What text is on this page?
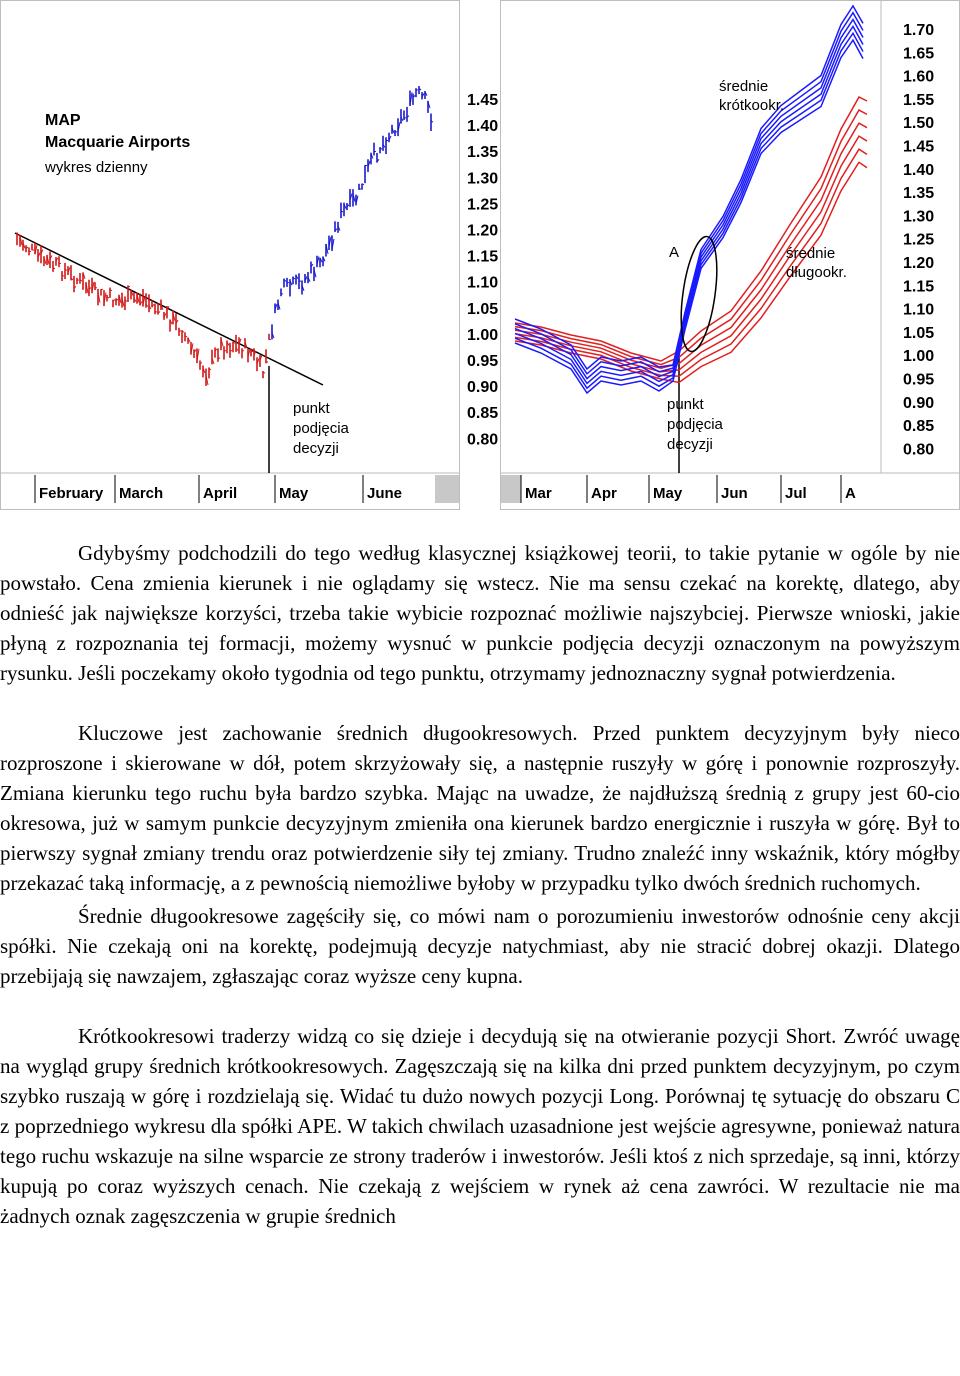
MAP
Macquarie Airports
wykres dzienny
punkt
podjęcia
decyzji
1.45
1.40
1.35
1.30
1.25
1.20
1.15
1.10
1.05
1.00
0.95
0.90
0.85
0.80
February March	April	May	June
A
średnie
krótkookr.
średnie
długookr.
punkt
podjęcia
decyzji
1.70
1.65
1.60
1.55
1.50
1.45
1.40
1.35
1.30
1.25
1.20
1.15
1.10
1.05
1.00
0.95
0.90
0.85
0.80
Mar	Apr May	Jun Jul	A

Gdybyśmy podchodzili do tego według klasycznej książkowej teorii, to takie pytanie w ogóle by nie powstało. Cena zmienia kierunek i nie oglądamy się wstecz. Nie ma sensu czekać na korektę, dlatego, aby odnieść jak największe korzyści, trzeba takie wybicie rozpoznać możliwie najszybciej. Pierwsze wnioski, jakie płyną z rozpoznania tej formacji, możemy wysnuć w punkcie podjęcia decyzji oznaczonym na powyższym rysunku. Jeśli poczekamy około tygodnia od tego punktu, otrzymamy jednoznaczny sygnał potwierdzenia.

Kluczowe jest zachowanie średnich długookresowych. Przed punktem decyzyjnym były nieco rozproszone i skierowane w dół, potem skrzyżowały się, a następnie ruszyły w górę i ponownie rozproszyły. Zmiana kierunku tego ruchu była bardzo szybka. Mając na uwadze, że najdłuższą średnią z grupy jest 60-cio okresowa, już w samym punkcie decyzyjnym zmieniła ona kierunek bardzo energicznie i ruszyła w górę. Był to pierwszy sygnał zmiany trendu oraz potwierdzenie siły tej zmiany. Trudno znaleźć inny wskaźnik, który mógłby przekazać taką informację, a z pewnością niemożliwe byłoby w przypadku tylko dwóch średnich ruchomych.

Średnie długookresowe zagęściły się, co mówi nam o porozumieniu inwestorów odnośnie ceny akcji spółki. Nie czekają oni na korektę, podejmują decyzje natychmiast, aby nie stracić dobrej okazji. Dlatego przebijają się nawzajem, zgłaszając coraz wyższe ceny kupna.

Krótkookresowi traderzy widzą co się dzieje i decydują się na otwieranie pozycji Short. Zwróć uwagę na wygląd grupy średnich krótkookresowych. Zagęszczają się na kilka dni przed punktem decyzyjnym, po czym szybko ruszają w górę i rozdzielają się. Widać tu dużo nowych pozycji Long. Porównaj tę sytuację do obszaru C z poprzedniego wykresu dla spółki APE. W takich chwilach uzasadnione jest wejście agresywne, ponieważ natura tego ruchu wskazuje na silne wsparcie ze strony traderów i inwestorów. Jeśli ktoś z nich sprzedaje, są inni, którzy kupują po coraz wyższych cenach. Nie czekają z wejściem w rynek aż cena zawróci. W rezultacie nie ma żadnych oznak zagęszczenia w grupie średnich
